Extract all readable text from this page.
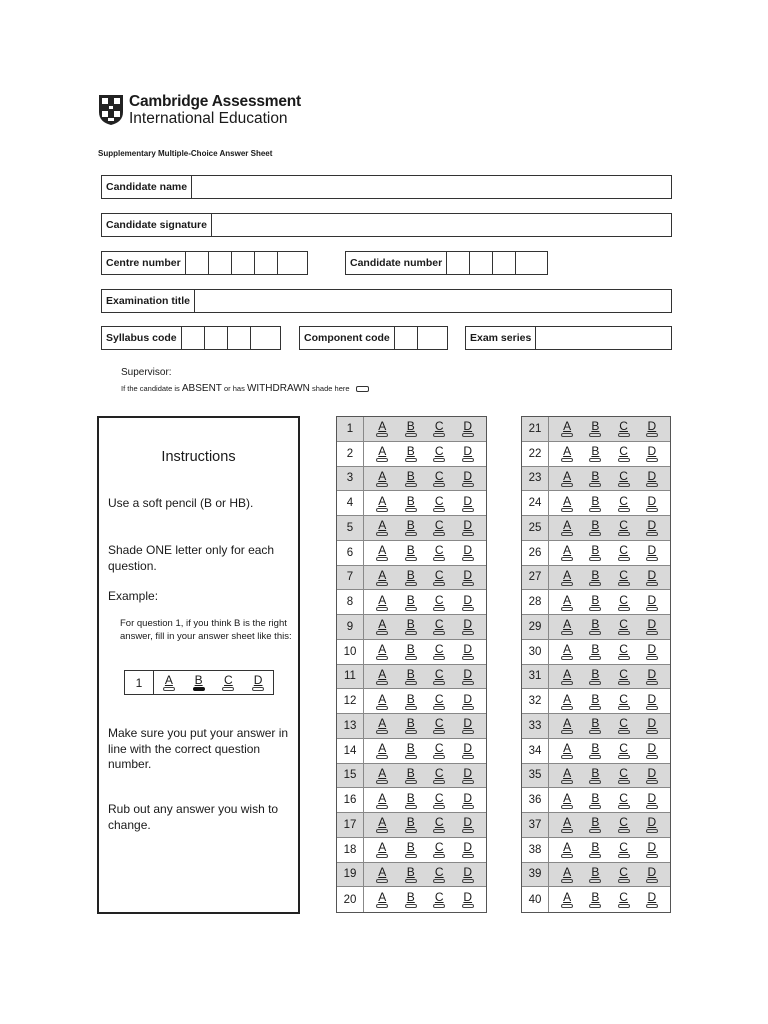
Cambridge Assessment
International Education
Supplementary Multiple-Choice Answer Sheet
Candidate name
Candidate signature
Centre number	Candidate number
Examination title
Syllabus code	Component code	Exam series
Supervisor:
If the candidate is ABSENT or has WITHDRAWN shade here
Instructions
Use a soft pencil (B or HB).
Shade ONE letter only for each question.
Example:
For question 1, if you think B is the right answer, fill in your answer sheet like this:
1	A B C D
Make sure you put your answer in line with the correct question number.
Rub out any answer you wish to change.
1	A B C D
2	A B C D
3	A B C D
4	A B C D
5	A B C D
6	A B C D
7	A B C D
8	A B C D
9	A B C D
10	A B C D
11	A B C D
12	A B C D
13	A B C D
14	A B C D
15	A B C D
16	A B C D
17	A B C D
18	A B C D
19	A B C D
20	A B C D
21	A B C D
22	A B C D
23	A B C D
24	A B C D
25	A B C D
26	A B C D
27	A B C D
28	A B C D
29	A B C D
30	A B C D
31	A B C D
32	A B C D
33	A B C D
34	A B C D
35	A B C D
36	A B C D
37	A B C D
38	A B C D
39	A B C D
40	A B C D
